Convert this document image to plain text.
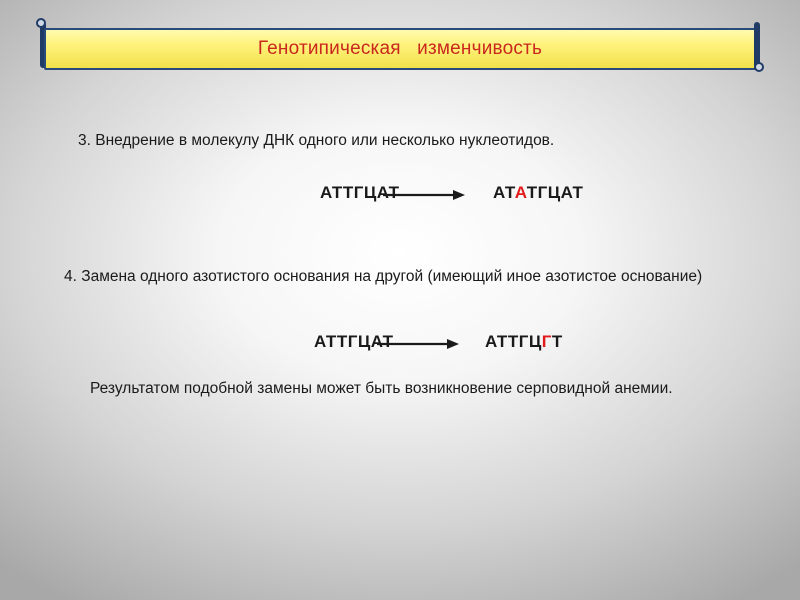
Генотипическая   изменчивость
3. Внедрение в молекулу ДНК одного или несколько нуклеотидов.
АТТГЦАТ	АТАТГЦАТ
4. Замена одного азотистого основания на другой (имеющий иное азотистое основание)
АТТГЦАТ	АТТГЦГТ
Результатом подобной замены может быть возникновение серповидной анемии.
